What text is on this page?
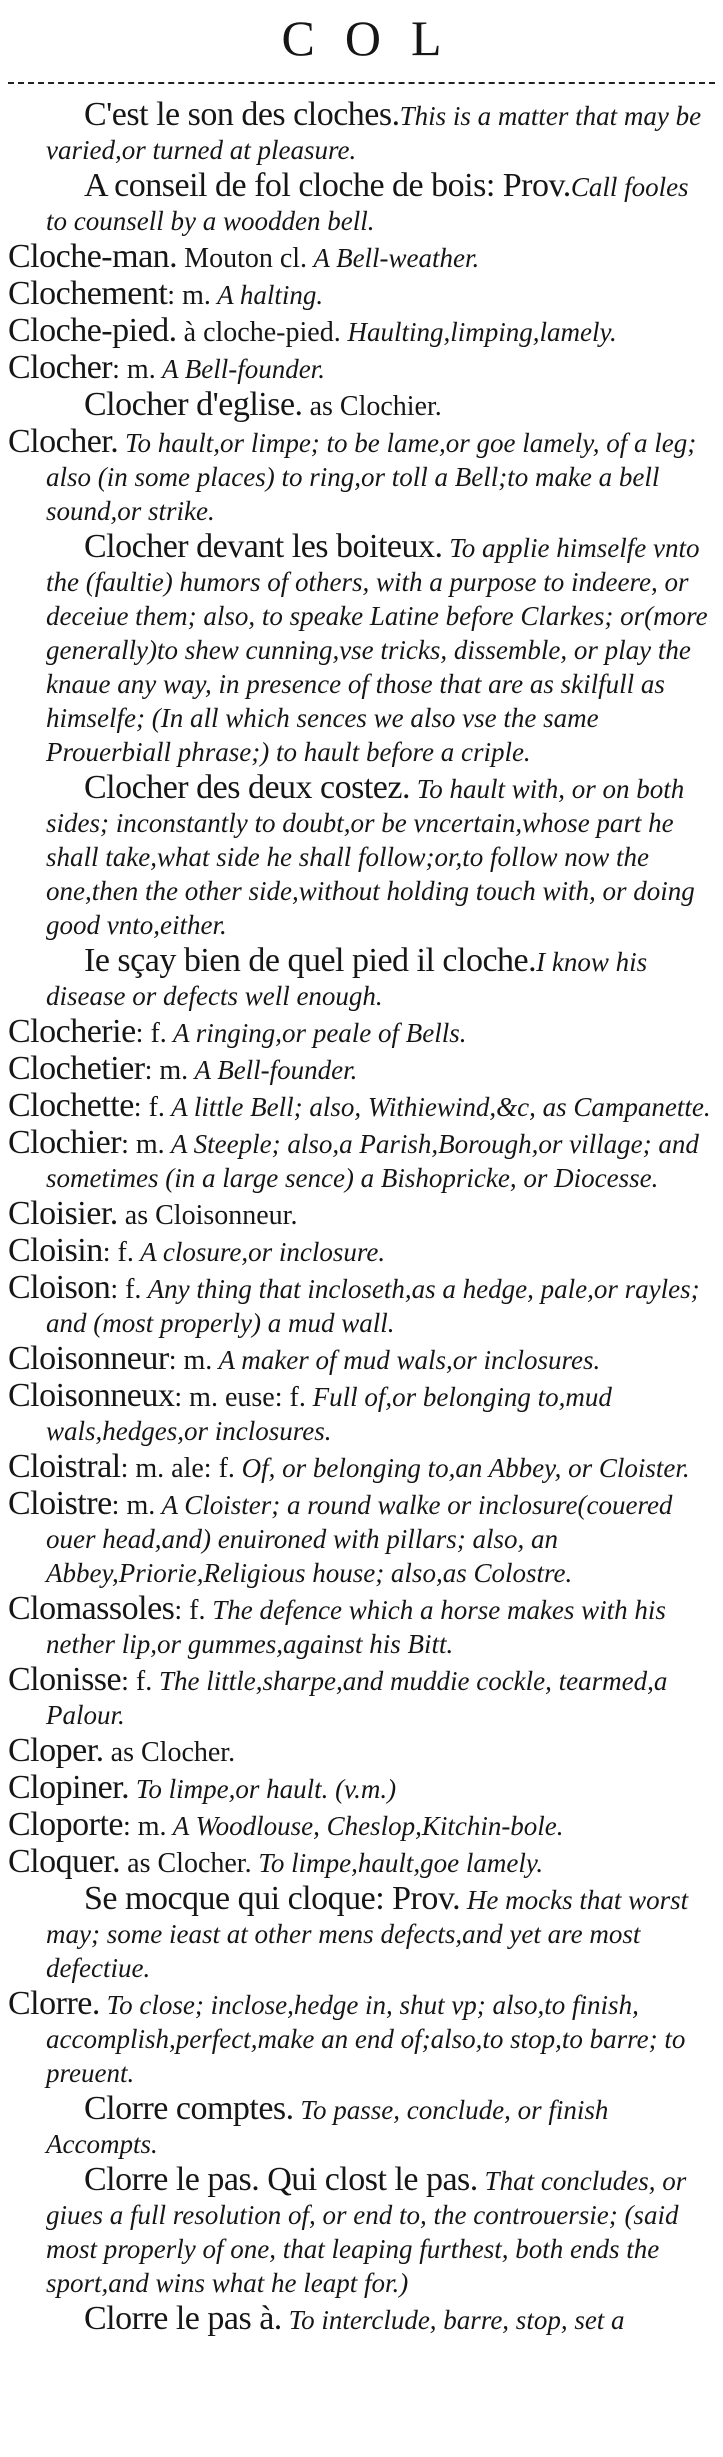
COL
C'est le son des cloches.This is a matter that may be varied,or turned at pleasure.
A conseil de fol cloche de bois: Prov.Call fooles to counsell by a woodden bell.
Cloche-man. Mouton cl. A Bell-weather.
Clochement: m. A halting.
Cloche-pied. à cloche-pied. Haulting,limping,lamely.
Clocher: m. A Bell-founder.
Clocher d'eglise. as Clochier.
Clocher. To hault,or limpe; to be lame,or goe lamely, of a leg; also (in some places) to ring,or toll a Bell;to make a bell sound,or strike.
Clocher devant les boiteux. To applie himselfe vnto the (faultie) humors of others, with a purpose to indeere, or deceiue them; also, to speake Latine before Clarkes; or(more generally)to shew cunning,vse tricks, dissemble, or play the knaue any way, in presence of those that are as skilfull as himselfe; (In all which sences we also vse the same Prouerbiall phrase;) to hault before a criple.
Clocher des deux costez. To hault with, or on both sides; inconstantly to doubt,or be vncertain,whose part he shall take,what side he shall follow;or,to follow now the one,then the other side,without holding touch with, or doing good vnto,either.
Ie sçay bien de quel pied il cloche.I know his disease or defects well enough.
Clocherie: f. A ringing,or peale of Bells.
Clochetier: m. A Bell-founder.
Clochette: f. A little Bell; also, Withiewind,&c, as Campanette.
Clochier: m. A Steeple; also,a Parish,Borough,or village; and sometimes (in a large sence) a Bishopricke, or Diocesse.
Cloisier. as Cloisonneur.
Cloisin: f. A closure,or inclosure.
Cloison: f. Any thing that incloseth,as a hedge, pale,or rayles; and (most properly) a mud wall.
Cloisonneur: m. A maker of mud wals,or inclosures.
Cloisonneux: m. euse: f. Full of,or belonging to,mud wals,hedges,or inclosures.
Cloistral: m. ale: f. Of, or belonging to,an Abbey, or Cloister.
Cloistre: m. A Cloister; a round walke or inclosure(couered ouer head,and) enuironed with pillars; also, an Abbey,Priorie,Religious house; also,as Colostre.
Clomassoles: f. The defence which a horse makes with his nether lip,or gummes,against his Bitt.
Clonisse: f. The little,sharpe,and muddie cockle, tearmed,a Palour.
Cloper. as Clocher.
Clopiner. To limpe,or hault. (v.m.)
Cloporte: m. A Woodlouse, Cheslop,Kitchin-bole.
Cloquer. as Clocher. To limpe,hault,goe lamely.
Se mocque qui cloque: Prov. He mocks that worst may; some ieast at other mens defects,and yet are most defectiue.
Clorre. To close; inclose,hedge in, shut vp; also,to finish, accomplish,perfect,make an end of;also,to stop,to barre; to preuent.
Clorre comptes. To passe, conclude, or finish Accompts.
Clorre le pas. Qui clost le pas. That concludes, or giues a full resolution of, or end to, the controuersie; (said most properly of one, that leaping furthest, both ends the sport,and wins what he leapt for.)
Clorre le pas à. To interclude, barre, stop, set a
